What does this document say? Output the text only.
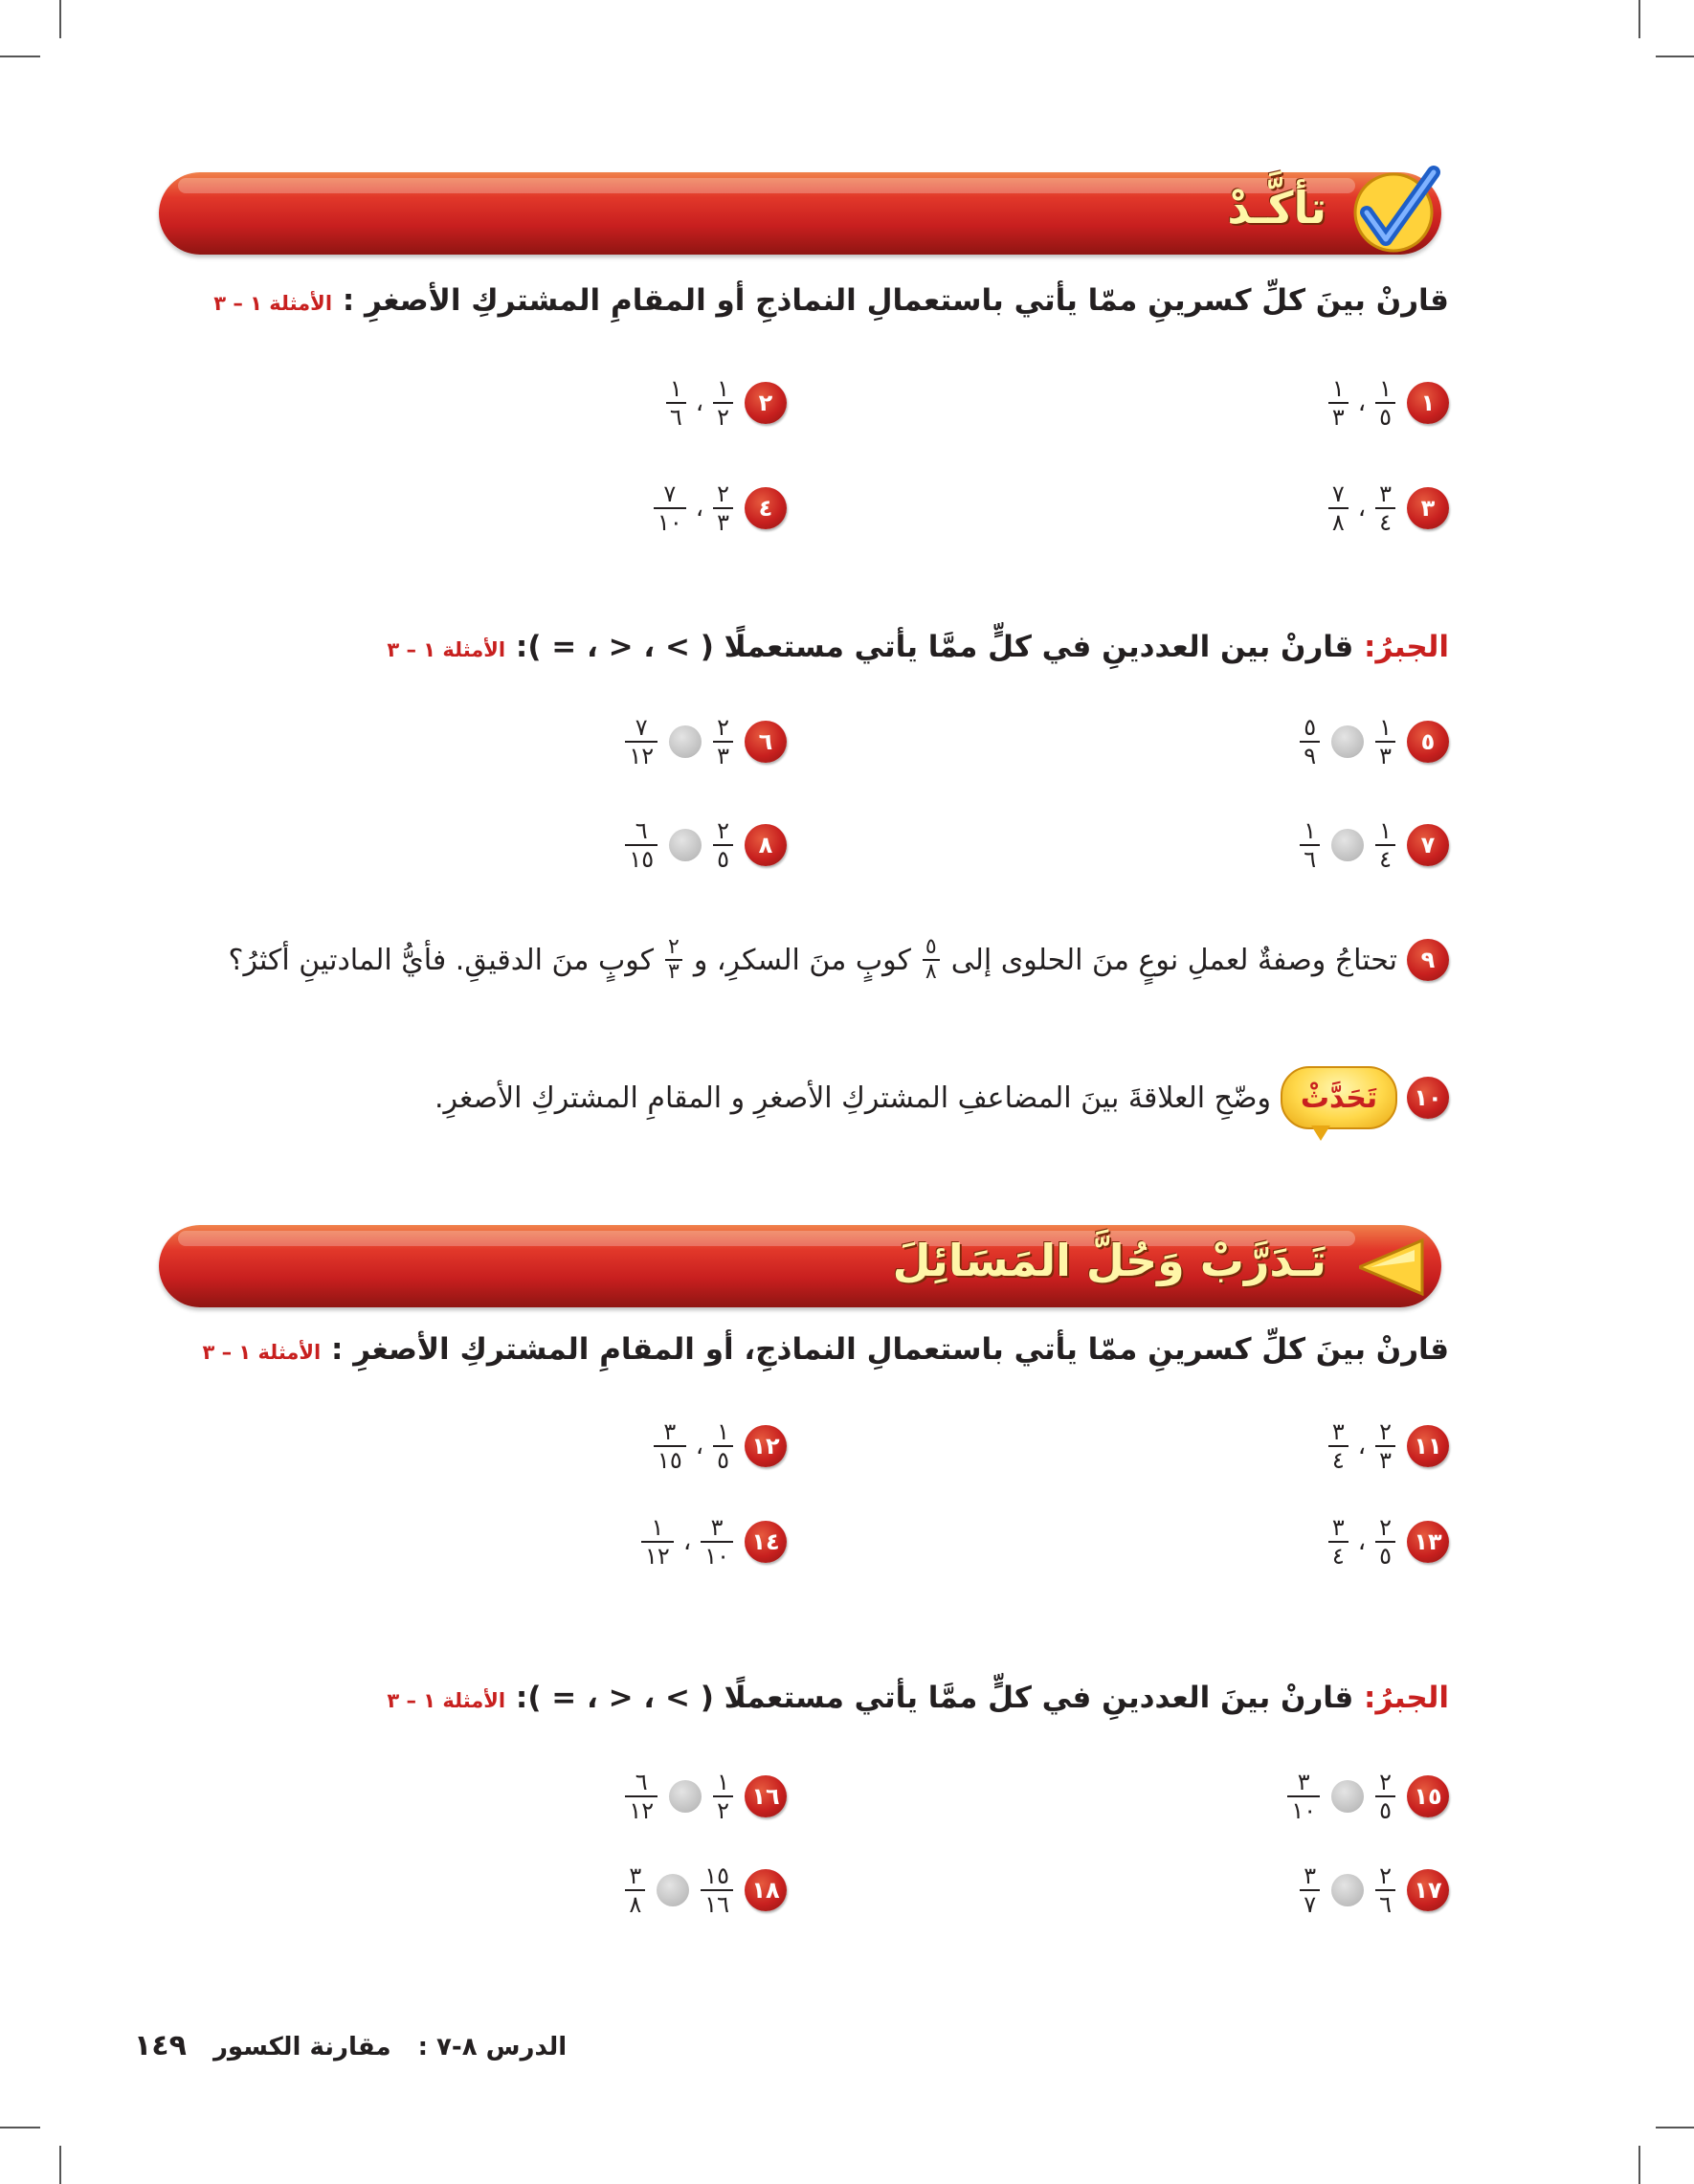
تأكَّـدْ
قارنْ بينَ كلِّ كسرينِ ممّا يأتي باستعمالِ النماذجِ أو المقامِ المشتركِ الأصغرِ : الأمثلة ١ – ٣
١
$\frac{١}{٥}$
،
$\frac{١}{٣}$
٢
$\frac{١}{٢}$
،
$\frac{١}{٦}$
٣
$\frac{٣}{٤}$
،
$\frac{٧}{٨}$
٤
$\frac{٢}{٣}$
،
$\frac{٧}{١٠}$
الجبرُ: قارنْ بين العددينِ في كلٍّ ممَّا يأتي مستعملًا ( > ، < ، = ): الأمثلة ١ – ٣
٥
$\frac{١}{٣}$
$\frac{٥}{٩}$
٦
$\frac{٢}{٣}$
$\frac{٧}{١٢}$
٧
$\frac{١}{٤}$
$\frac{١}{٦}$
٨
$\frac{٢}{٥}$
$\frac{٦}{١٥}$
٩
تحتاجُ وصفةٌ لعملِ نوعٍ منَ الحلوى إلى
$\frac{٥}{٨}$
كوبٍ منَ السكرِ، و
$\frac{٢}{٣}$
كوبٍ منَ الدقيقِ. فأيُّ المادتينِ أكثرُ؟
١٠
تَحَدَّثْ
وضّحِ العلاقةَ بينَ المضاعفِ المشتركِ الأصغرِ و المقامِ المشتركِ الأصغرِ.
تَـدَرَّبْ وَحُلَّ المَسَائِلَ
قارنْ بينَ كلِّ كسرينِ ممّا يأتي باستعمالِ النماذجِ، أو المقامِ المشتركِ الأصغرِ : الأمثلة ١ – ٣
١١
$\frac{٢}{٣}$
،
$\frac{٣}{٤}$
١٢
$\frac{١}{٥}$
،
$\frac{٣}{١٥}$
١٣
$\frac{٢}{٥}$
،
$\frac{٣}{٤}$
١٤
$\frac{٣}{١٠}$
،
$\frac{١}{١٢}$
الجبرُ: قارنْ بينَ العددينِ في كلٍّ ممَّا يأتي مستعملًا ( > ، < ، = ): الأمثلة ١ – ٣
١٥
$\frac{٢}{٥}$
$\frac{٣}{١٠}$
١٦
$\frac{١}{٢}$
$\frac{٦}{١٢}$
١٧
$\frac{٢}{٦}$
$\frac{٣}{٧}$
١٨
$\frac{١٥}{١٦}$
$\frac{٣}{٨}$
الدرس ٨-٧ :
مقارنة الكسور
١٤٩
